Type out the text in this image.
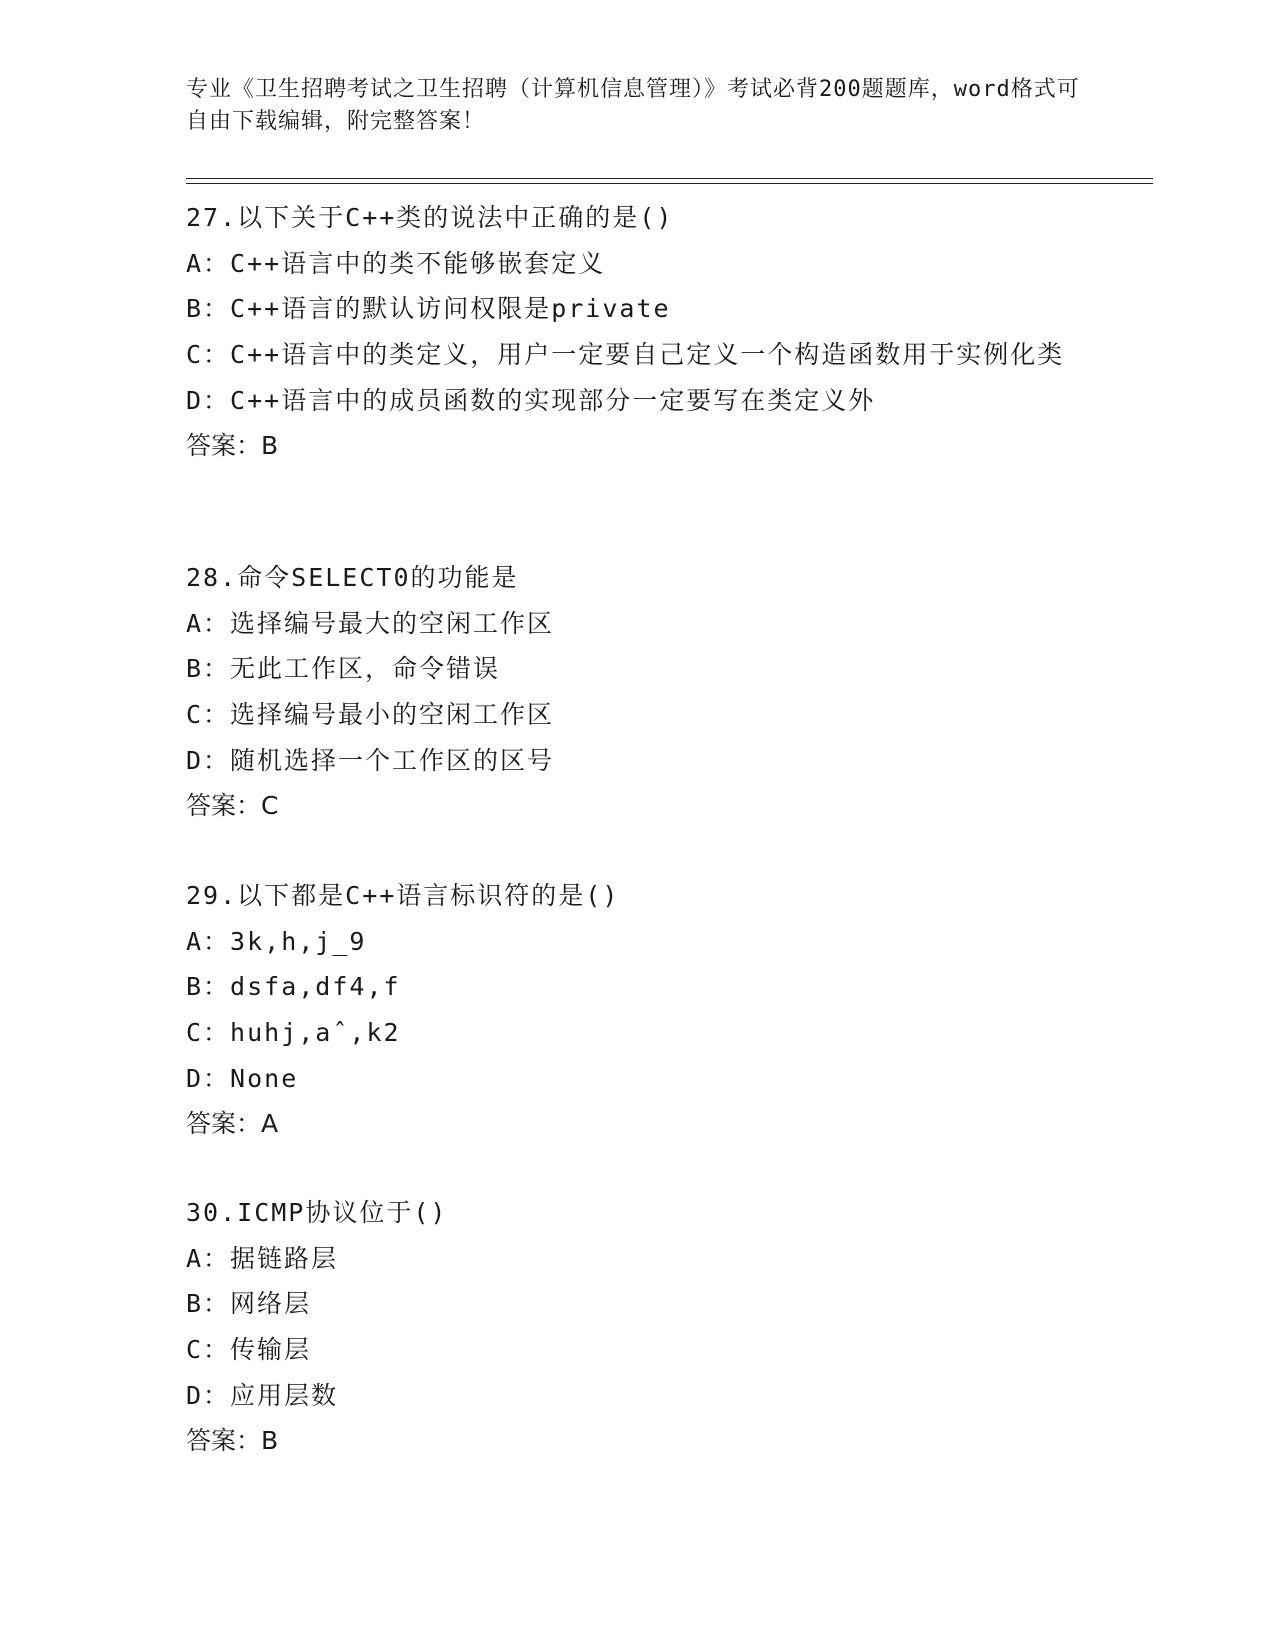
专业《卫生招聘考试之卫生招聘（计算机信息管理）》考试必背200题题库，word格式可自由下载编辑，附完整答案！
27.以下关于C++类的说法中正确的是()
A：C++语言中的类不能够嵌套定义
B：C++语言的默认访问权限是private
C：C++语言中的类定义，用户一定要自己定义一个构造函数用于实例化类
D：C++语言中的成员函数的实现部分一定要写在类定义外
答案：B
28.命令SELECT0的功能是
A：选择编号最大的空闲工作区
B：无此工作区，命令错误
C：选择编号最小的空闲工作区
D：随机选择一个工作区的区号
答案：C
29.以下都是C++语言标识符的是()
A：3k,h,j_9
B：dsfa,df4,f
C：huhj,aˆ,k2
D：None
答案：A
30.ICMP协议位于()
A：据链路层
B：网络层
C：传输层
D：应用层数
答案：B
